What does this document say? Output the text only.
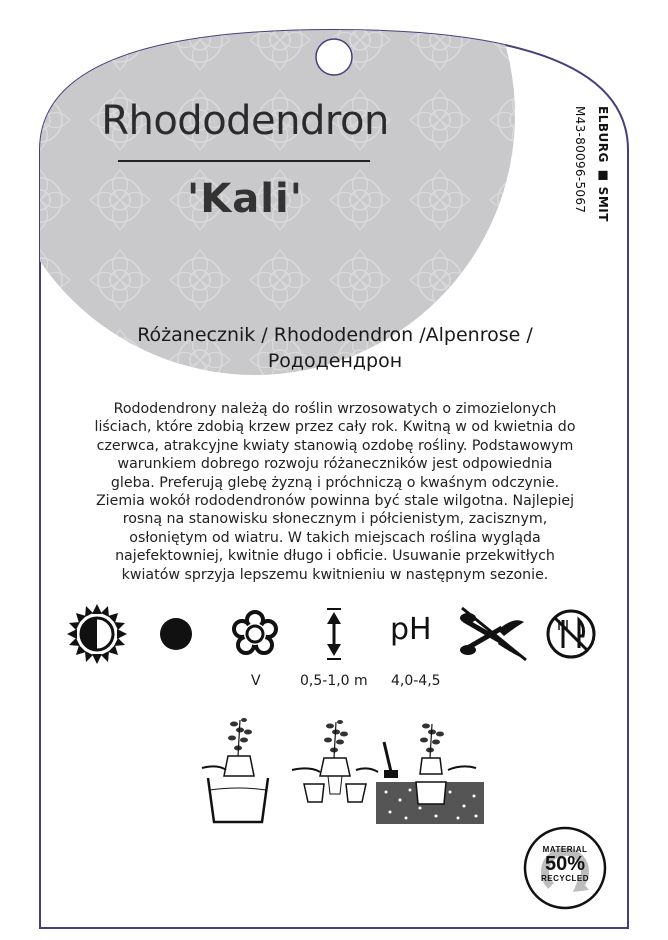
Rhododendron
'Kali'	ELBURG ■ SMIT
M43-80096-5067
Różanecznik / Rhododendron /Alpenrose /
Рододендрон
Rododendrony należą do roślin wrzosowatych o zimozielonych
liściach, które zdobią krzew przez cały rok. Kwitną w od kwietnia do
czerwca, atrakcyjne kwiaty stanowią ozdobę rośliny. Podstawowym
warunkiem dobrego rozwoju różaneczników jest odpowiednia
gleba. Preferują glebę żyzną i próchniczą o kwaśnym odczynie.
Ziemia wokół rododendronów powinna być stale wilgotna. Najlepiej
rosną na stanowisku słonecznym i półcienistym, zacisznym,
osłoniętym od wiatru. W takich miejscach roślina wygląda
najefektowniej, kwitnie długo i obficie. Usuwanie przekwitłych
kwiatów sprzyja lepszemu kwitnieniu w następnym sezonie.
pH
V	0,5-1,0 m 4,0-4,5
MATERIAL
50%
RECYCLED
